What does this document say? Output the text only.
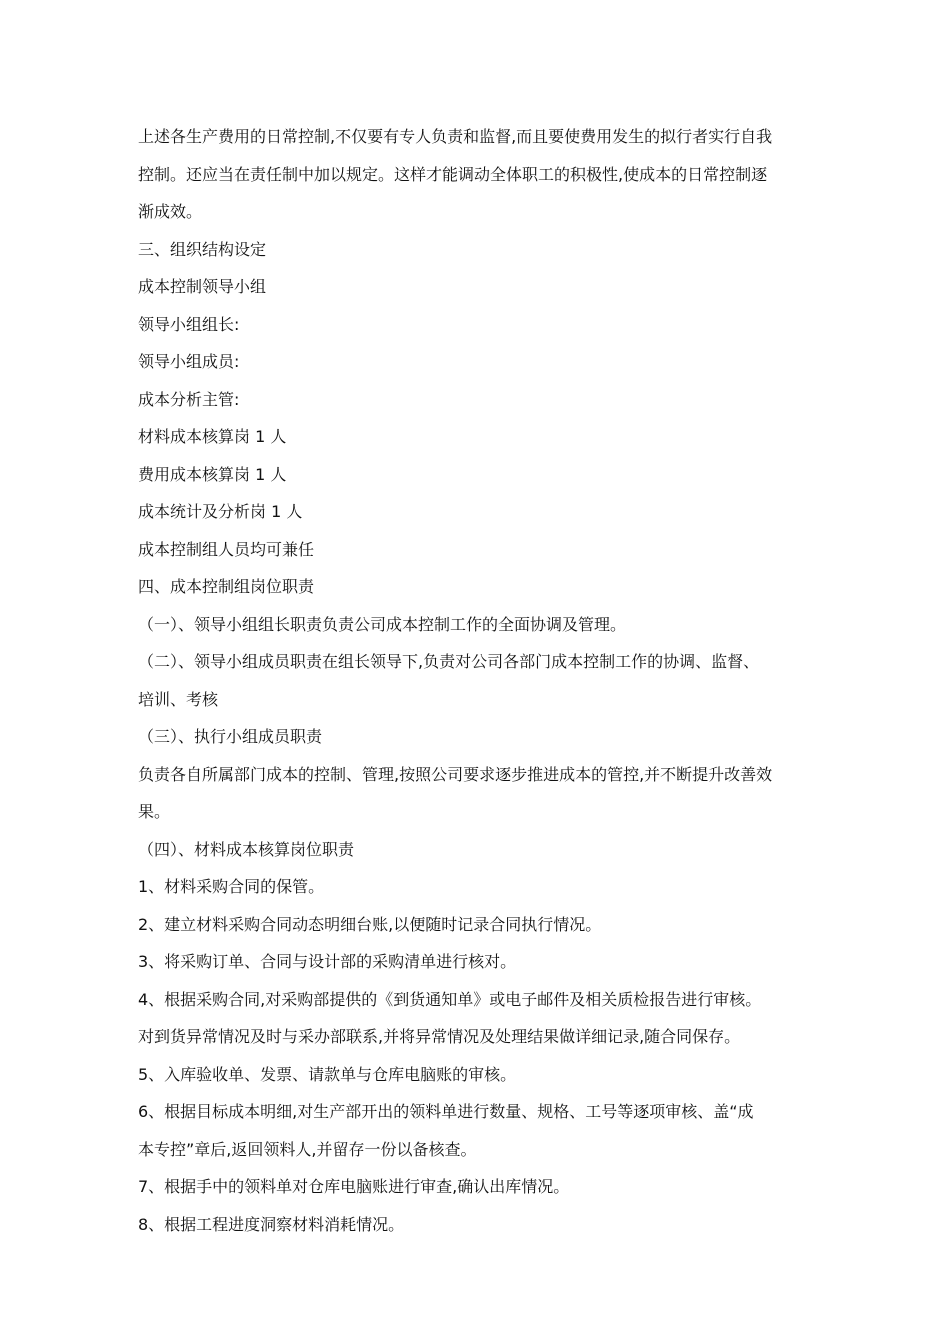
上述各生产费用的日常控制,不仅要有专人负责和监督,而且要使费用发生的拟行者实行自我
控制。还应当在责任制中加以规定。这样才能调动全体职工的积极性,使成本的日常控制逐
渐成效。
三、组织结构设定
成本控制领导小组
领导小组组长:
领导小组成员:
成本分析主管:
材料成本核算岗 1 人
费用成本核算岗 1 人
成本统计及分析岗 1 人
成本控制组人员均可兼任
四、成本控制组岗位职责
（一）、领导小组组长职责负责公司成本控制工作的全面协调及管理。
（二）、领导小组成员职责在组长领导下,负责对公司各部门成本控制工作的协调、监督、
培训、考核
（三）、执行小组成员职责
负责各自所属部门成本的控制、管理,按照公司要求逐步推进成本的管控,并不断提升改善效
果。
（四）、材料成本核算岗位职责
1、材料采购合同的保管。
2、建立材料采购合同动态明细台账,以便随时记录合同执行情况。
3、将采购订单、合同与设计部的采购清单进行核对。
4、根据采购合同,对采购部提供的《到货通知单》或电子邮件及相关质检报告进行审核。
对到货异常情况及时与采办部联系,并将异常情况及处理结果做详细记录,随合同保存。
5、入库验收单、发票、请款单与仓库电脑账的审核。
6、根据目标成本明细,对生产部开出的领料单进行数量、规格、工号等逐项审核、盖“成
本专控”章后,返回领料人,并留存一份以备核查。
7、根据手中的领料单对仓库电脑账进行审查,确认出库情况。
8、根据工程进度洞察材料消耗情况。
